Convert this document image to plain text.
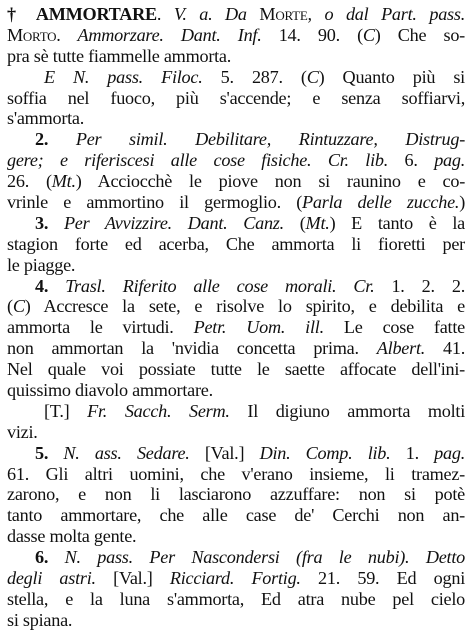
† AMMORTARE. V. a. Da Morte, o dal Part. pass.
Morto. Ammorzare. Dant. Inf. 14. 90. (C) Che so-
pra sè tutte fiammelle ammorta.
E N. pass. Filoc. 5. 287. (C) Quanto più si
soffia nel fuoco, più s'accende; e senza soffiarvi,
s'ammorta.
2. Per simil. Debilitare, Rintuzzare, Distrug-
gere; e riferiscesi alle cose fisiche. Cr. lib. 6. pag.
26. (Mt.) Acciocchè le piove non si raunino e co-
vrinle e ammortino il germoglio. (Parla delle zucche.)
3. Per Avvizzire. Dant. Canz. (Mt.) E tanto è la
stagion forte ed acerba, Che ammorta li fioretti per
le piagge.
4. Trasl. Riferito alle cose morali. Cr. 1. 2. 2.
(C) Accresce la sete, e risolve lo spirito, e debilita e
ammorta le virtudi. Petr. Uom. ill. Le cose fatte
non ammortan la 'nvidia concetta prima. Albert. 41.
Nel quale voi possiate tutte le saette affocate dell'ini-
quissimo diavolo ammortare.
[T.] Fr. Sacch. Serm. Il digiuno ammorta molti
vizi.
5. N. ass. Sedare. [Val.] Din. Comp. lib. 1. pag.
61. Gli altri uomini, che v'erano insieme, li tramez-
zarono, e non li lasciarono azzuffare: non si potè
tanto ammortare, che alle case de' Cerchi non an-
dasse molta gente.
6. N. pass. Per Nascondersi (fra le nubi). Detto
degli astri. [Val.] Ricciard. Fortig. 21. 59. Ed ogni
stella, e la luna s'ammorta, Ed atra nube pel cielo
si spiana.
